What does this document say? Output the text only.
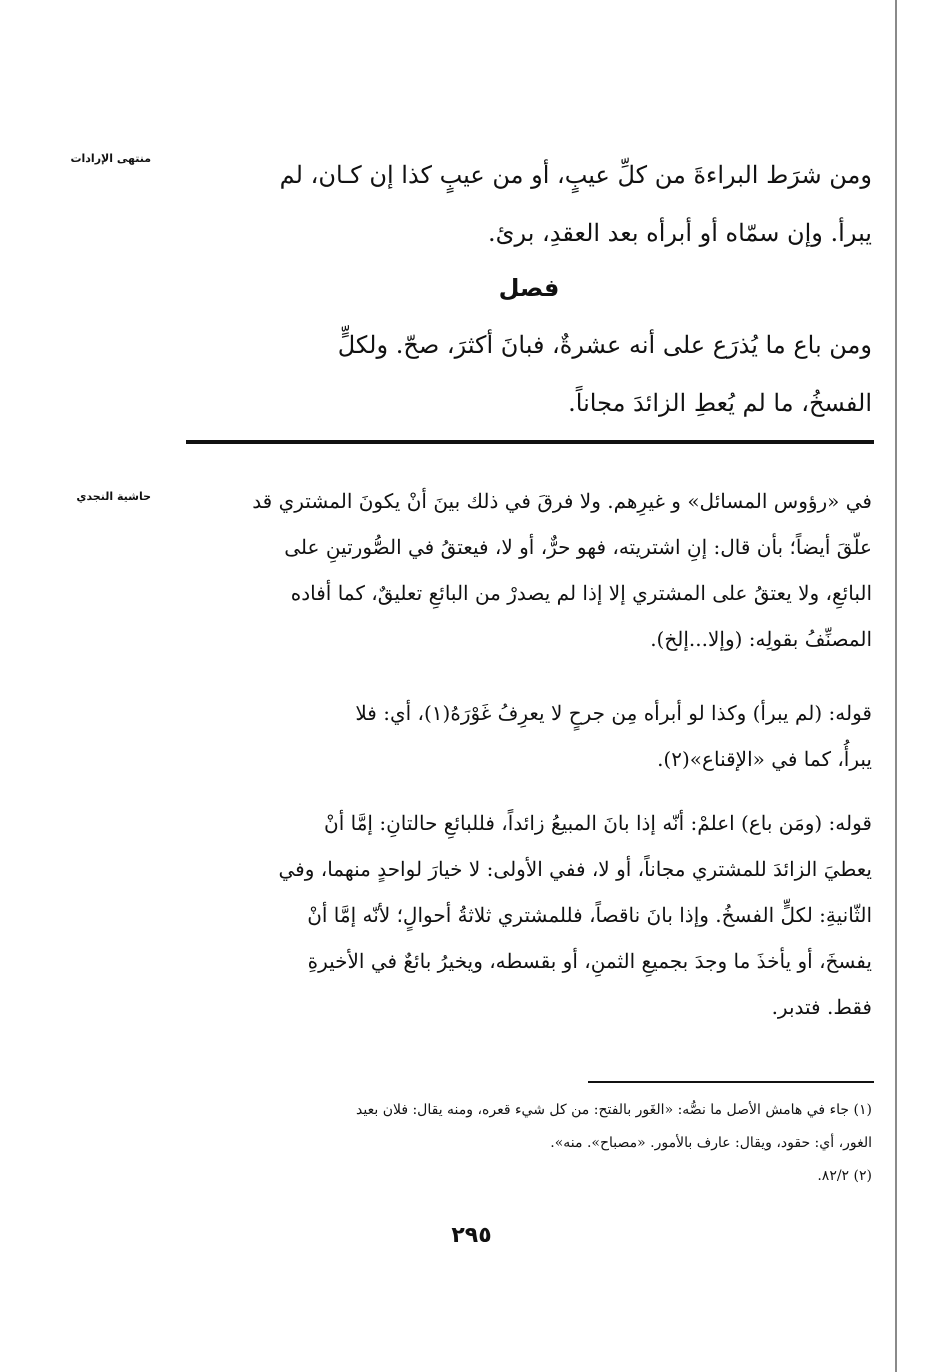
منتهى الإرادات
حاشية النجدي
ومن شرَط البراءةَ من كلِّ عيبٍ، أو من عيبٍ كذا إن كـان، لم
يبرأ. وإن سمّاه أو أبرأه بعد العقدِ، برئ.
فصل
ومن باع ما يُذرَع على أنه عشرةٌ، فبانَ أكثرَ، صحّ. ولكلٍّ
الفسخُ، ما لم يُعطِ الزائدَ مجاناً.
في «رؤوس المسائل» و غيرِهم. ولا فرقَ في ذلك بينَ أنْ يكونَ المشتري قد
علّقَ أيضاً؛ بأن قال: إنِ اشتريته، فهو حرٌّ، أو لا، فيعتقُ في الصُّورتينِ على
البائعِ، ولا يعتقُ على المشتري إلا إذا لم يصدرْ من البائعِ تعليقٌ، كما أفاده
المصنِّفُ بقولِه: (وإلا...إلخ).
قوله: (لم يبرأ) وكذا لو أبرأه مِن جرحٍ لا يعرِفُ غَوْرَهُ(١)، أي: فلا
يبرأُ، كما في «الإقناع»(٢).
قوله: (ومَن باع) اعلمْ: أنّه إذا بانَ المبيعُ زائداً، فللبائعِ حالتانِ: إمَّا أنْ
يعطيَ الزائدَ للمشتري مجاناً، أو لا، ففي الأولى: لا خيارَ لواحدٍ منهما، وفي
الثّانيةِ: لكلٍّ الفسخُ. وإذا بانَ ناقصاً، فللمشتري ثلاثةُ أحوالٍ؛ لأنّه إمَّا أنْ
يفسخَ، أو يأخذَ ما وجدَ بجميعِ الثمنِ، أو بقسطه، ويخيرُ بائعٌ في الأخيرةِ
فقط. فتدبر.
(١) جاء في هامش الأصل ما نصُّه: «الغَور بالفتح: من كل شيء قعره، ومنه يقال: فلان بعيد
الغور، أي: حقود، ويقال: عارف بالأمور. «مصباح». منه».
(٢) ٨٢/٢.
٢٩٥
